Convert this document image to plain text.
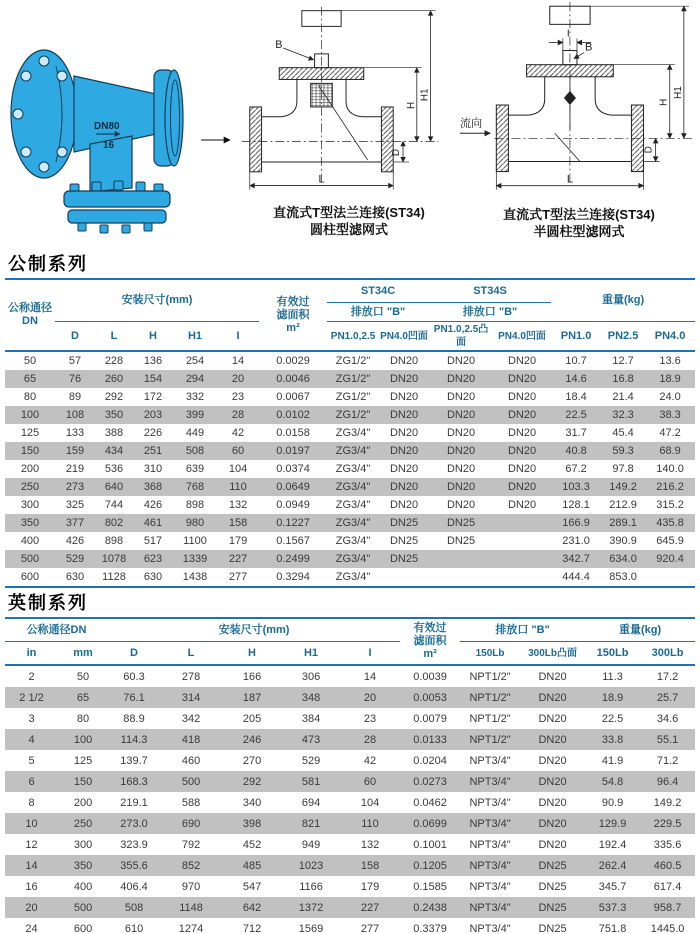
DN80
16
B
D
H
H1
L
直流式T型法兰连接(ST34)
圆柱型滤网式
流向
I
B
D
H
H1
L
直流式T型法兰连接(ST34)
半圆柱型滤网式
公制系列
公称通径
DN	安装尺寸(mm)					有效过
滤面积
m²	ST34C		ST34S		重量(kg)		
							排放口 "B"		排放口 "B"				
	D	L	H	H1	I		PN1.0,2.5	PN4.0凹面	PN1.0,2.5凸面	PN4.0凹面	PN1.0	PN2.5	PN4.0
50	57	228	136	254	14	0.0029	ZG1/2"	DN20	DN20	DN20	10.7	12.7	13.6
65	76	260	154	294	20	0.0046	ZG1/2"	DN20	DN20	DN20	14.6	16.8	18.9
80	89	292	172	332	23	0.0067	ZG1/2"	DN20	DN20	DN20	18.4	21.4	24.0
100	108	350	203	399	28	0.0102	ZG1/2"	DN20	DN20	DN20	22.5	32.3	38.3
125	133	388	226	449	42	0.0158	ZG3/4"	DN20	DN20	DN20	31.7	45.4	47.2
150	159	434	251	508	60	0.0197	ZG3/4"	DN20	DN20	DN20	40.8	59.3	68.9
200	219	536	310	639	104	0.0374	ZG3/4"	DN20	DN20	DN20	67.2	97.8	140.0
250	273	640	368	768	110	0.0649	ZG3/4"	DN20	DN20	DN20	103.3	149.2	216.2
300	325	744	426	898	132	0.0949	ZG3/4"	DN20	DN20	DN20	128.1	212.9	315.2
350	377	802	461	980	158	0.1227	ZG3/4"	DN25	DN25		166.9	289.1	435.8
400	426	898	517	1100	179	0.1567	ZG3/4"	DN25	DN25		231.0	390.9	645.9
500	529	1078	623	1339	227	0.2499	ZG3/4"	DN25			342.7	634.0	920.4
600	630	1128	630	1438	277	0.3294	ZG3/4"				444.4	853.0	
英制系列
公称通径DN		安装尺寸(mm)					有效过
滤面积
m²	排放口 "B"		重量(kg)	
in	mm	D	L	H	H1	I		150Lb	300Lb凸面	150Lb	300Lb
2	50	60.3	278	166	306	14	0.0039	NPT1/2"	DN20	11.3	17.2
2 1/2	65	76.1	314	187	348	20	0.0053	NPT1/2"	DN20	18.9	25.7
3	80	88.9	342	205	384	23	0.0079	NPT1/2"	DN20	22.5	34.6
4	100	114.3	418	246	473	28	0.0133	NPT1/2"	DN20	33.8	55.1
5	125	139.7	460	270	529	42	0.0204	NPT3/4"	DN20	41.9	71.2
6	150	168.3	500	292	581	60	0.0273	NPT3/4"	DN20	54.8	96.4
8	200	219.1	588	340	694	104	0.0462	NPT3/4"	DN20	90.9	149.2
10	250	273.0	690	398	821	110	0.0699	NPT3/4"	DN20	129.9	229.5
12	300	323.9	792	452	949	132	0.1001	NPT3/4"	DN20	192.4	335.6
14	350	355.6	852	485	1023	158	0.1205	NPT3/4"	DN25	262.4	460.5
16	400	406.4	970	547	1166	179	0.1585	NPT3/4"	DN25	345.7	617.4
20	500	508	1148	642	1372	227	0.2438	NPT3/4"	DN25	537.3	958.7
24	600	610	1274	712	1569	277	0.3379	NPT3/4"	DN25	751.8	1445.0
